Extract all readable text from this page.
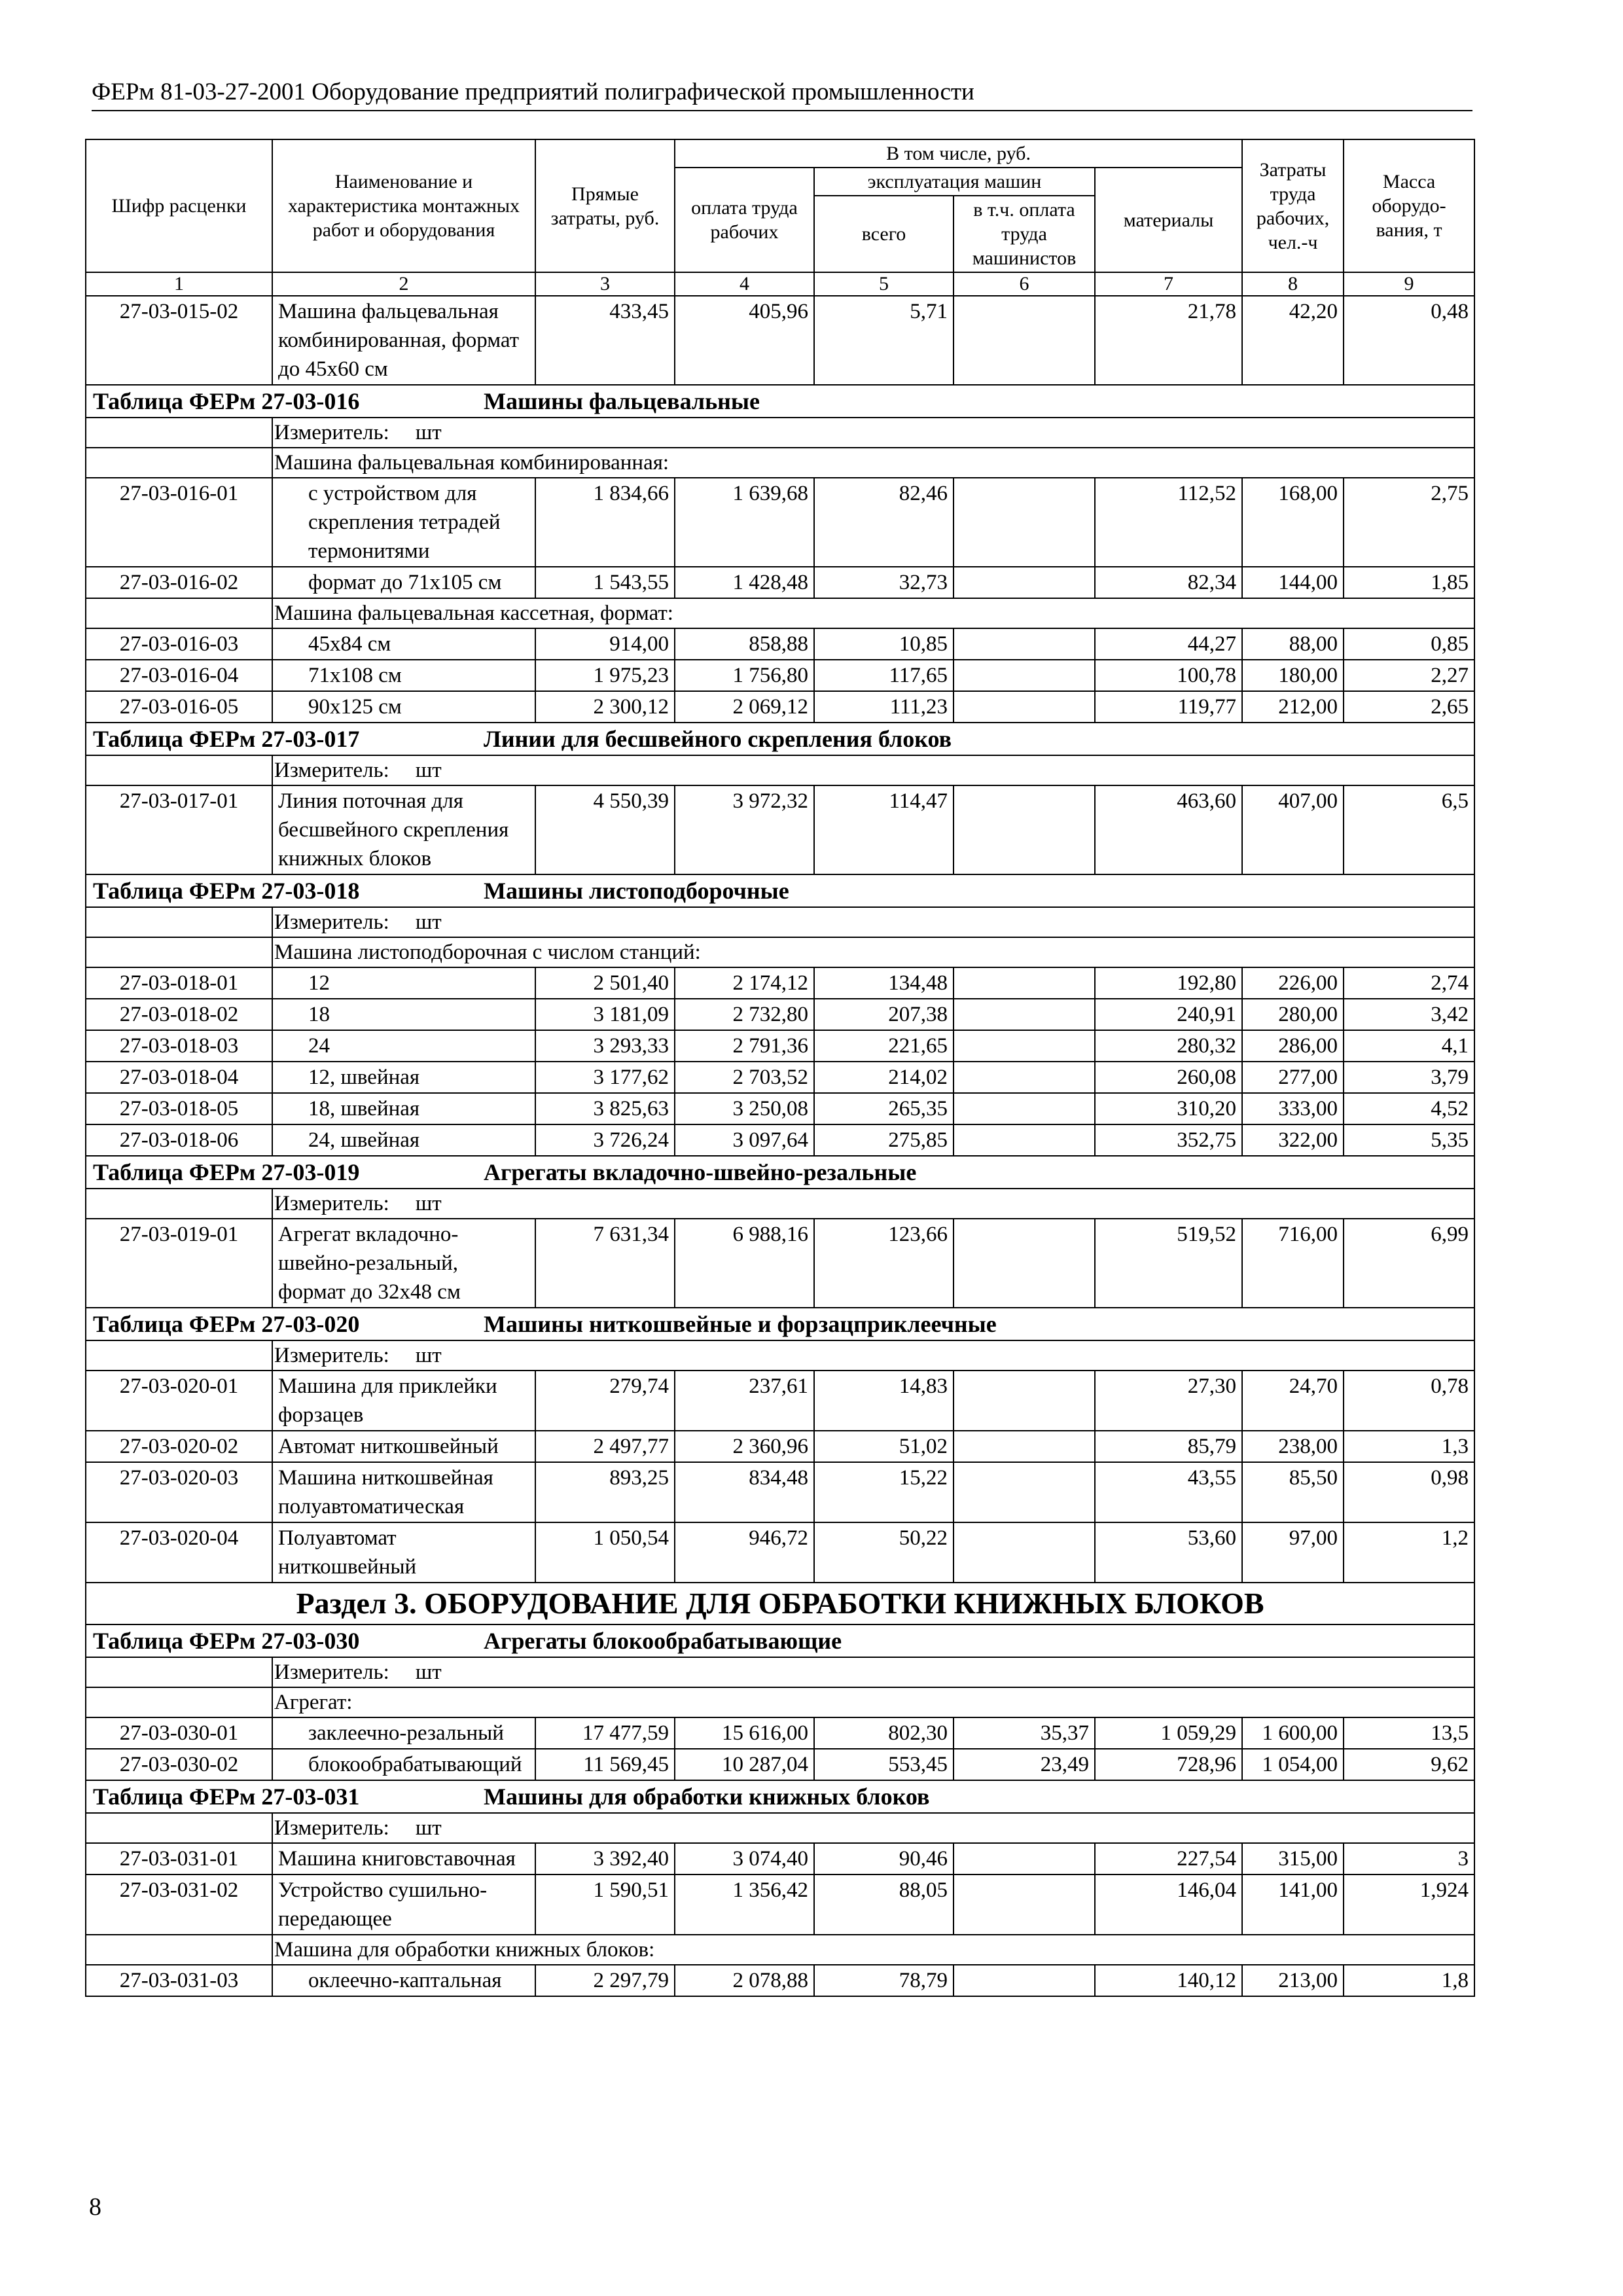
ФЕРм 81-03-27-2001 Оборудование предприятий полиграфической промышленности
Шифр расценки	Наименование и характеристика монтажных работ и оборудования	Прямые затраты, руб.	В том числе, руб.				Затраты труда рабочих, чел.-ч	Масса оборудо-вания, т
			оплата труда рабочих	эксплуатация машин		материалы		
				всего	в т.ч. оплата труда машинистов			
1	2	3	4	5	6	7	8	9
27-03-015-02	Машина фальцевальная комбинированная, формат до 45x60 см	433,45	405,96	5,71		21,78	42,20	0,48
Таблица ФЕРм 27-03-016 Машины фальцевальные								
	Измеритель: шт							
	Машина фальцевальная комбинированная:							
27-03-016-01	с устройством для скрепления тетрадей термонитями	1 834,66	1 639,68	82,46		112,52	168,00	2,75
27-03-016-02	формат до 71x105 см	1 543,55	1 428,48	32,73		82,34	144,00	1,85
	Машина фальцевальная кассетная, формат:							
27-03-016-03	45x84 см	914,00	858,88	10,85		44,27	88,00	0,85
27-03-016-04	71x108 см	1 975,23	1 756,80	117,65		100,78	180,00	2,27
27-03-016-05	90x125 см	2 300,12	2 069,12	111,23		119,77	212,00	2,65
Таблица ФЕРм 27-03-017 Линии для бесшвейного скрепления блоков								
	Измеритель: шт							
27-03-017-01	Линия поточная для бесшвейного скрепления книжных блоков	4 550,39	3 972,32	114,47		463,60	407,00	6,5
Таблица ФЕРм 27-03-018 Машины листоподборочные								
	Измеритель: шт							
	Машина листоподборочная с числом станций:							
27-03-018-01	12	2 501,40	2 174,12	134,48		192,80	226,00	2,74
27-03-018-02	18	3 181,09	2 732,80	207,38		240,91	280,00	3,42
27-03-018-03	24	3 293,33	2 791,36	221,65		280,32	286,00	4,1
27-03-018-04	12, швейная	3 177,62	2 703,52	214,02		260,08	277,00	3,79
27-03-018-05	18, швейная	3 825,63	3 250,08	265,35		310,20	333,00	4,52
27-03-018-06	24, швейная	3 726,24	3 097,64	275,85		352,75	322,00	5,35
Таблица ФЕРм 27-03-019 Агрегаты вкладочно-швейно-резальные								
	Измеритель: шт							
27-03-019-01	Агрегат вкладочно-швейно-резальный, формат до 32x48 см	7 631,34	6 988,16	123,66		519,52	716,00	6,99
Таблица ФЕРм 27-03-020 Машины ниткошвейные и форзацприклеечные								
	Измеритель: шт							
27-03-020-01	Машина для приклейки форзацев	279,74	237,61	14,83		27,30	24,70	0,78
27-03-020-02	Автомат ниткошвейный	2 497,77	2 360,96	51,02		85,79	238,00	1,3
27-03-020-03	Машина ниткошвейная полуавтоматическая	893,25	834,48	15,22		43,55	85,50	0,98
27-03-020-04	Полуавтомат ниткошвейный	1 050,54	946,72	50,22		53,60	97,00	1,2
Раздел 3. ОБОРУДОВАНИЕ ДЛЯ ОБРАБОТКИ КНИЖНЫХ БЛОКОВ								
Таблица ФЕРм 27-03-030 Агрегаты блокообрабатывающие								
	Измеритель: шт							
	Агрегат:							
27-03-030-01	заклеечно-резальный	17 477,59	15 616,00	802,30	35,37	1 059,29	1 600,00	13,5
27-03-030-02	блокообрабатывающий	11 569,45	10 287,04	553,45	23,49	728,96	1 054,00	9,62
Таблица ФЕРм 27-03-031 Машины для обработки книжных блоков								
	Измеритель: шт							
27-03-031-01	Машина книговставочная	3 392,40	3 074,40	90,46		227,54	315,00	3
27-03-031-02	Устройство сушильно-передающее	1 590,51	1 356,42	88,05		146,04	141,00	1,924
	Машина для обработки книжных блоков:							
27-03-031-03	оклеечно-каптальная	2 297,79	2 078,88	78,79		140,12	213,00	1,8
8
